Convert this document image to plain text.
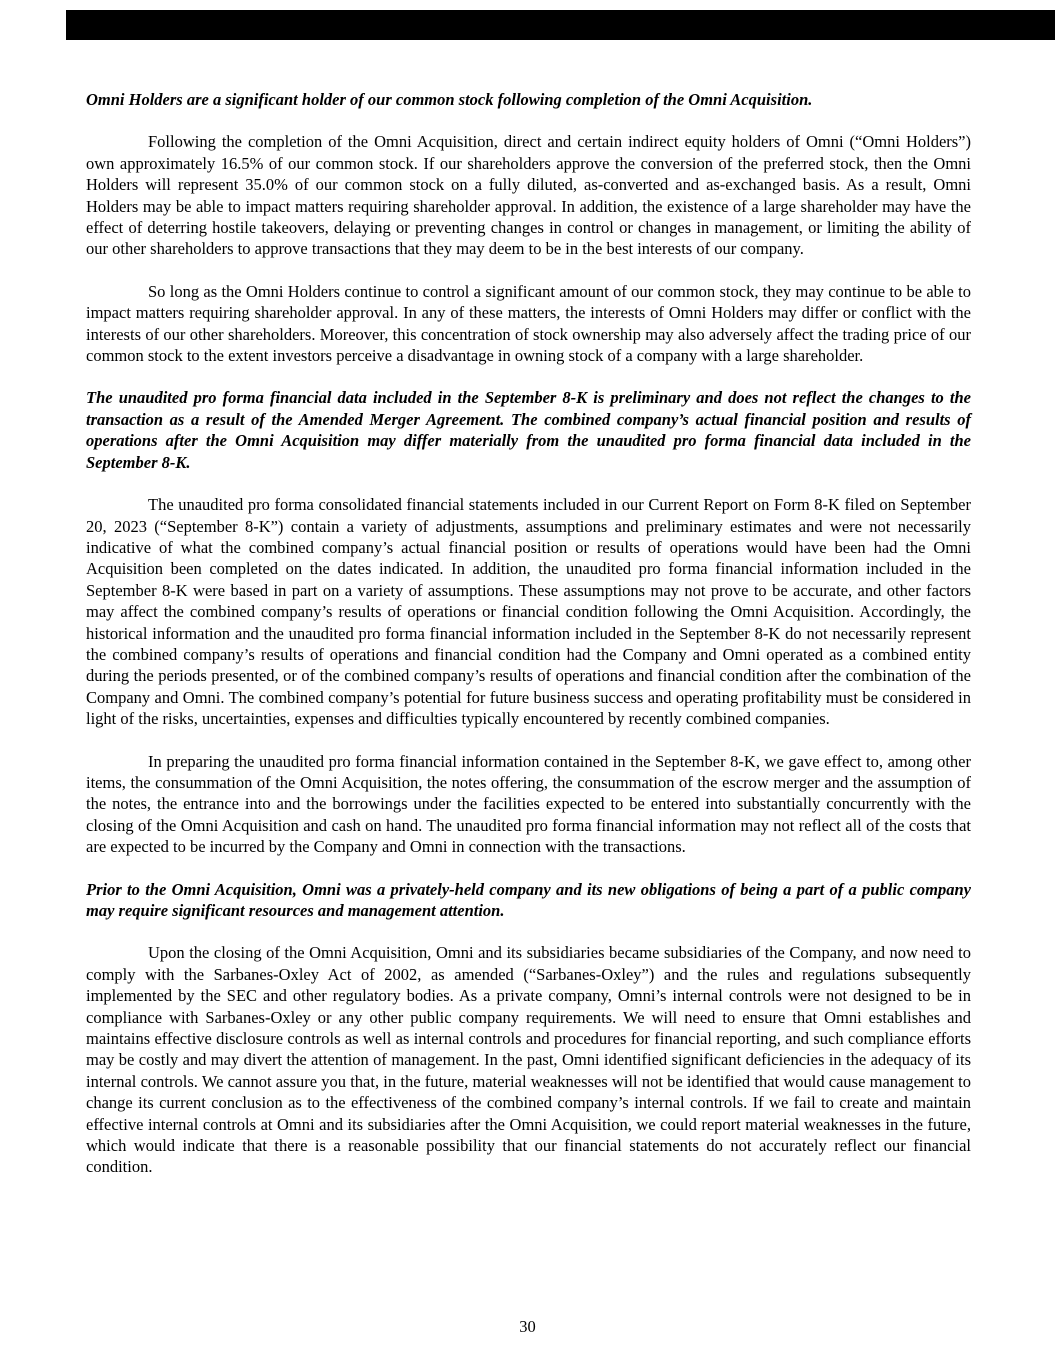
Omni Holders are a significant holder of our common stock following completion of the Omni Acquisition.

Following the completion of the Omni Acquisition, direct and certain indirect equity holders of Omni (“Omni Holders”) own approximately 16.5% of our common stock. If our shareholders approve the conversion of the preferred stock, then the Omni Holders will represent 35.0% of our common stock on a fully diluted, as-converted and as-exchanged basis. As a result, Omni Holders may be able to impact matters requiring shareholder approval. In addition, the existence of a large shareholder may have the effect of deterring hostile takeovers, delaying or preventing changes in control or changes in management, or limiting the ability of our other shareholders to approve transactions that they may deem to be in the best interests of our company.

So long as the Omni Holders continue to control a significant amount of our common stock, they may continue to be able to impact matters requiring shareholder approval. In any of these matters, the interests of Omni Holders may differ or conflict with the interests of our other shareholders. Moreover, this concentration of stock ownership may also adversely affect the trading price of our common stock to the extent investors perceive a disadvantage in owning stock of a company with a large shareholder.

The unaudited pro forma financial data included in the September 8-K is preliminary and does not reflect the changes to the transaction as a result of the Amended Merger Agreement. The combined company’s actual financial position and results of operations after the Omni Acquisition may differ materially from the unaudited pro forma financial data included in the September 8-K.

The unaudited pro forma consolidated financial statements included in our Current Report on Form 8-K filed on September 20, 2023 (“September 8-K”) contain a variety of adjustments, assumptions and preliminary estimates and were not necessarily indicative of what the combined company’s actual financial position or results of operations would have been had the Omni Acquisition been completed on the dates indicated. In addition, the unaudited pro forma financial information included in the September 8-K were based in part on a variety of assumptions. These assumptions may not prove to be accurate, and other factors may affect the combined company’s results of operations or financial condition following the Omni Acquisition. Accordingly, the historical information and the unaudited pro forma financial information included in the September 8-K do not necessarily represent the combined company’s results of operations and financial condition had the Company and Omni operated as a combined entity during the periods presented, or of the combined company’s results of operations and financial condition after the combination of the Company and Omni. The combined company’s potential for future business success and operating profitability must be considered in light of the risks, uncertainties, expenses and difficulties typically encountered by recently combined companies.

In preparing the unaudited pro forma financial information contained in the September 8-K, we gave effect to, among other items, the consummation of the Omni Acquisition, the notes offering, the consummation of the escrow merger and the assumption of the notes, the entrance into and the borrowings under the facilities expected to be entered into substantially concurrently with the closing of the Omni Acquisition and cash on hand. The unaudited pro forma financial information may not reflect all of the costs that are expected to be incurred by the Company and Omni in connection with the transactions.

Prior to the Omni Acquisition, Omni was a privately-held company and its new obligations of being a part of a public company may require significant resources and management attention.

Upon the closing of the Omni Acquisition, Omni and its subsidiaries became subsidiaries of the Company, and now need to comply with the Sarbanes-Oxley Act of 2002, as amended (“Sarbanes-Oxley”) and the rules and regulations subsequently implemented by the SEC and other regulatory bodies. As a private company, Omni’s internal controls were not designed to be in compliance with Sarbanes-Oxley or any other public company requirements. We will need to ensure that Omni establishes and maintains effective disclosure controls as well as internal controls and procedures for financial reporting, and such compliance efforts may be costly and may divert the attention of management. In the past, Omni identified significant deficiencies in the adequacy of its internal controls. We cannot assure you that, in the future, material weaknesses will not be identified that would cause management to change its current conclusion as to the effectiveness of the combined company’s internal controls. If we fail to create and maintain effective internal controls at Omni and its subsidiaries after the Omni Acquisition, we could report material weaknesses in the future, which would indicate that there is a reasonable possibility that our financial statements do not accurately reflect our financial condition.

30
